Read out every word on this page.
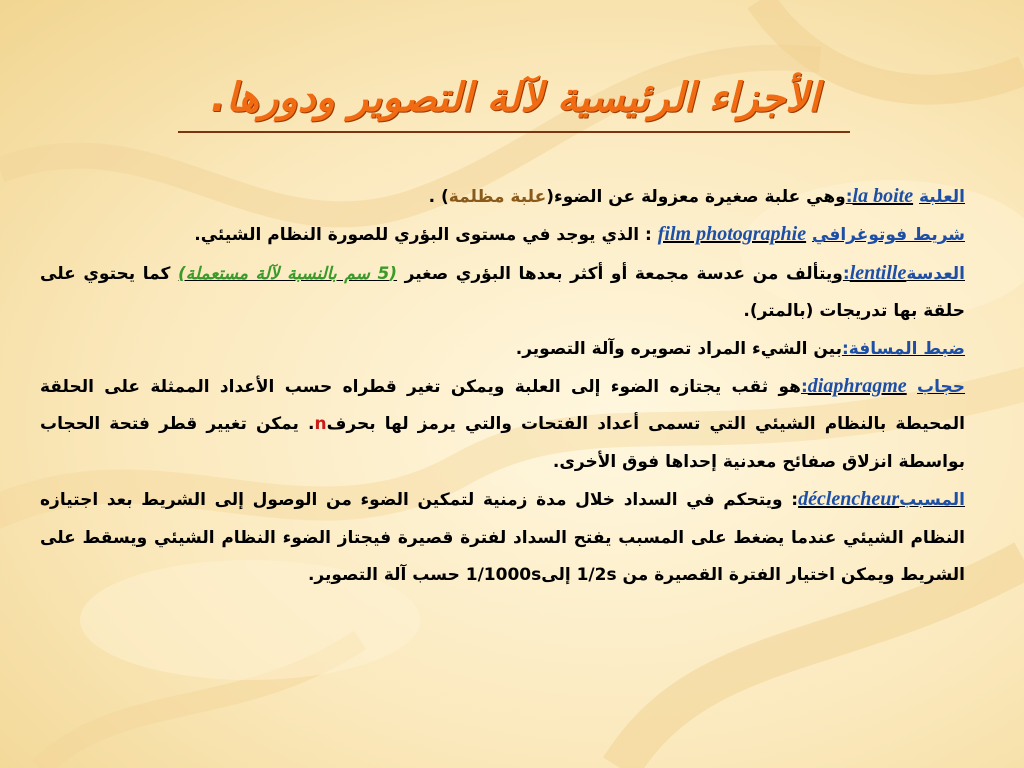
الأجزاء الرئيسية لآلة التصوير ودورها.

العلبة la boite:وهي علبة صغيرة معزولة عن الضوء(علبة مظلمة) .

شريط فوتوغرافي film photographie : الذي يوجد في مستوى البؤري للصورة النظام الشيئي.

العدسةlentille:ويتألف من عدسة مجمعة أو أكثر بعدها البؤري صغير (5 سم بالنسبة لآلة مستعملة) كما يحتوي على حلقة بها تدريجات (بالمتر).

ضبط المسافة:بين الشيء المراد تصويره وآلة التصوير.

حجاب diaphragme:هو ثقب يجتازه الضوء إلى العلبة ويمكن تغير قطراه حسب الأعداد الممثلة على الحلقة المحيطة بالنظام الشيئي التي تسمى أعداد الفتحات والتي يرمز لها بحرفn. يمكن تغيير قطر فتحة الحجاب بواسطة انزلاق صفائح معدنية إحداها فوق الأخرى.

المسببdéclencheur: ويتحكم في السداد خلال مدة زمنية لتمكين الضوء من الوصول إلى الشريط بعد اجتيازه النظام الشيئي عندما يضغط على المسبب يفتح السداد لفترة قصيرة فيجتاز الضوء النظام الشيئي ويسقط على الشريط ويمكن اختيار الفترة القصيرة من 1/2s إلى1/1000s حسب آلة التصوير.
